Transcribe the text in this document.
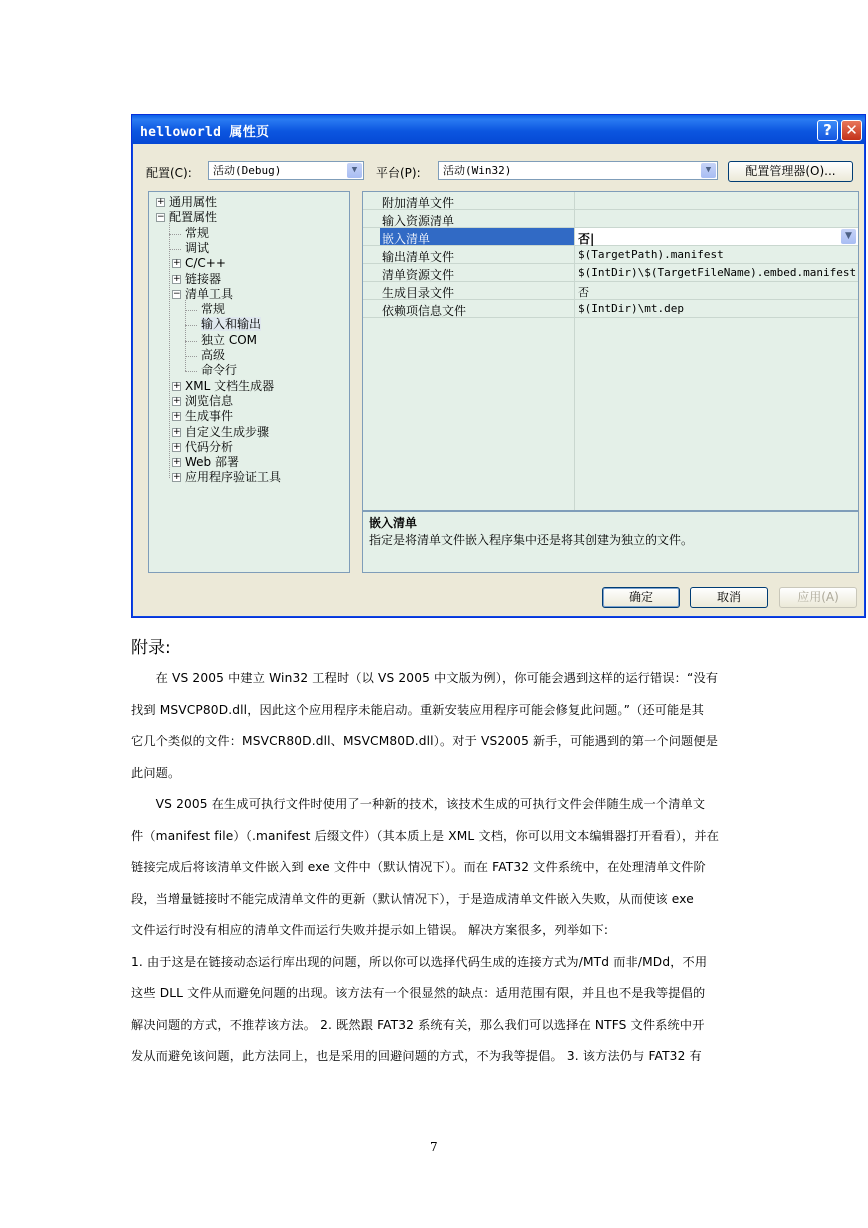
helloworld 属性页	? ✕
配置(C):	活动(Debug)	▼	平台(P):	活动(Win32)	▼	配置管理器(O)...
通用属性
+
配置属性
−
常规
调试
C/C++
+
链接器
+
清单工具
−
常规
输入和输出
独立 COM
高级
命令行
XML 文档生成器
+
浏览信息
+
生成事件
+
自定义生成步骤
+
代码分析
+
Web 部署
+
应用程序验证工具
+
附加清单文件
输入资源清单
嵌入清单	否|	▼
输出清单文件	$(TargetPath).manifest
清单资源文件	$(IntDir)\$(TargetFileName).embed.manifest
生成目录文件	否
依赖项信息文件	$(IntDir)\mt.dep
嵌入清单
指定是将清单文件嵌入程序集中还是将其创建为独立的文件。
确定	取消	应用(A)
附录:
　　在 VS 2005 中建立 Win32 工程时（以 VS 2005 中文版为例），你可能会遇到这样的运行错误：“没有
找到 MSVCP80D.dll，因此这个应用程序未能启动。重新安装应用程序可能会修复此问题。”（还可能是其
它几个类似的文件：MSVCR80D.dll、MSVCM80D.dll）。对于 VS2005 新手，可能遇到的第一个问题便是
此问题。
　　VS 2005 在生成可执行文件时使用了一种新的技术，该技术生成的可执行文件会伴随生成一个清单文
件（manifest file）（.manifest 后缀文件）（其本质上是 XML 文档，你可以用文本编辑器打开看看），并在
链接完成后将该清单文件嵌入到 exe 文件中（默认情况下）。而在 FAT32 文件系统中，在处理清单文件阶
段，当增量链接时不能完成清单文件的更新（默认情况下），于是造成清单文件嵌入失败，从而使该 exe
文件运行时没有相应的清单文件而运行失败并提示如上错误。 解决方案很多，列举如下:
1. 由于这是在链接动态运行库出现的问题，所以你可以选择代码生成的连接方式为/MTd 而非/MDd，不用
这些 DLL 文件从而避免问题的出现。该方法有一个很显然的缺点：适用范围有限，并且也不是我等提倡的
解决问题的方式，不推荐该方法。 2. 既然跟 FAT32 系统有关，那么我们可以选择在 NTFS 文件系统中开
发从而避免该问题，此方法同上，也是采用的回避问题的方式，不为我等提倡。 3. 该方法仍与 FAT32 有
7
